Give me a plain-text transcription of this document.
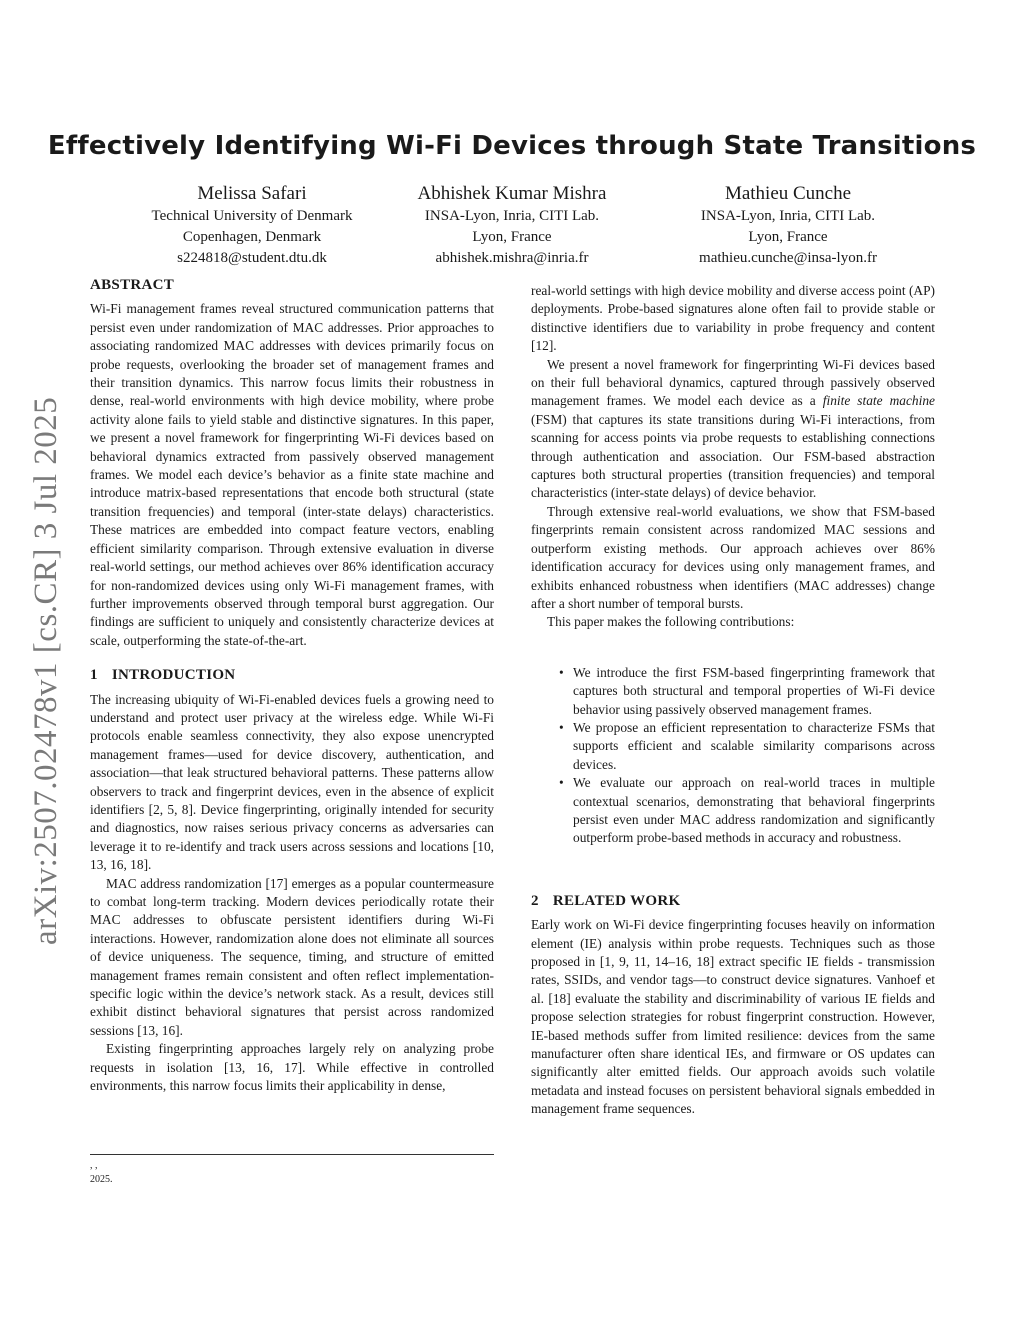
Effectively Identifying Wi-Fi Devices through State Transitions
Melissa Safari
Technical University of Denmark
Copenhagen, Denmark
s224818@student.dtu.dk
Abhishek Kumar Mishra
INSA-Lyon, Inria, CITI Lab.
Lyon, France
abhishek.mishra@inria.fr
Mathieu Cunche
INSA-Lyon, Inria, CITI Lab.
Lyon, France
mathieu.cunche@insa-lyon.fr
arXiv:2507.02478v1 [cs.CR] 3 Jul 2025
ABSTRACT

Wi-Fi management frames reveal structured communication patterns that persist even under randomization of MAC addresses. Prior approaches to associating randomized MAC addresses with devices primarily focus on probe requests, overlooking the broader set of management frames and their transition dynamics. This narrow focus limits their robustness in dense, real-world environments with high device mobility, where probe activity alone fails to yield stable and distinctive signatures. In this paper, we present a novel framework for fingerprinting Wi-Fi devices based on behavioral dynamics extracted from passively observed management frames. We model each device’s behavior as a finite state machine and introduce matrix-based representations that encode both structural (state transition frequencies) and temporal (inter-state delays) characteristics. These matrices are embedded into compact feature vectors, enabling efficient similarity comparison. Through extensive evaluation in diverse real-world settings, our method achieves over 86% identification accuracy for non-randomized devices using only Wi-Fi management frames, with further improvements observed through temporal burst aggregation. Our findings are sufficient to uniquely and consistently characterize devices at scale, outperforming the state-of-the-art.

1 INTRODUCTION

The increasing ubiquity of Wi-Fi-enabled devices fuels a growing need to understand and protect user privacy at the wireless edge. While Wi-Fi protocols enable seamless connectivity, they also expose unencrypted management frames—used for device discovery, authentication, and association—that leak structured behavioral patterns. These patterns allow observers to track and fingerprint devices, even in the absence of explicit identifiers [2, 5, 8]. Device fingerprinting, originally intended for security and diagnostics, now raises serious privacy concerns as adversaries can leverage it to re-identify and track users across sessions and locations [10, 13, 16, 18].

MAC address randomization [17] emerges as a popular countermeasure to combat long-term tracking. Modern devices periodically rotate their MAC addresses to obfuscate persistent identifiers during Wi-Fi interactions. However, randomization alone does not eliminate all sources of device uniqueness. The sequence, timing, and structure of emitted management frames remain consistent and often reflect implementation-specific logic within the device’s network stack. As a result, devices still exhibit distinct behavioral signatures that persist across randomized sessions [13, 16].

Existing fingerprinting approaches largely rely on analyzing probe requests in isolation [13, 16, 17]. While effective in controlled environments, this narrow focus limits their applicability in dense,

, ,
2025.

real-world settings with high device mobility and diverse access point (AP) deployments. Probe-based signatures alone often fail to provide stable or distinctive identifiers due to variability in probe frequency and content [12].

We present a novel framework for fingerprinting Wi-Fi devices based on their full behavioral dynamics, captured through passively observed management frames. We model each device as a finite state machine (FSM) that captures its state transitions during Wi-Fi interactions, from scanning for access points via probe requests to establishing connections through authentication and association. Our FSM-based abstraction captures both structural properties (transition frequencies) and temporal characteristics (inter-state delays) of device behavior.

Through extensive real-world evaluations, we show that FSM-based fingerprints remain consistent across randomized MAC sessions and outperform existing methods. Our approach achieves over 86% identification accuracy for devices using only management frames, and exhibits enhanced robustness when identifiers (MAC addresses) change after a short number of temporal bursts.

This paper makes the following contributions:

• We introduce the first FSM-based fingerprinting framework that captures both structural and temporal properties of Wi-Fi device behavior using passively observed management frames.
• We propose an efficient representation to characterize FSMs that supports efficient and scalable similarity comparisons across devices.
• We evaluate our approach on real-world traces in multiple contextual scenarios, demonstrating that behavioral fingerprints persist even under MAC address randomization and significantly outperform probe-based methods in accuracy and robustness.
2 RELATED WORK

Early work on Wi-Fi device fingerprinting focuses heavily on information element (IE) analysis within probe requests. Techniques such as those proposed in [1, 9, 11, 14–16, 18] extract specific IE fields - transmission rates, SSIDs, and vendor tags—to construct device signatures. Vanhoef et al. [18] evaluate the stability and discriminability of various IE fields and propose selection strategies for robust fingerprint construction. However, IE-based methods suffer from limited resilience: devices from the same manufacturer often share identical IEs, and firmware or OS updates can significantly alter emitted fields. Our approach avoids such volatile metadata and instead focuses on persistent behavioral signals embedded in management frame sequences.
